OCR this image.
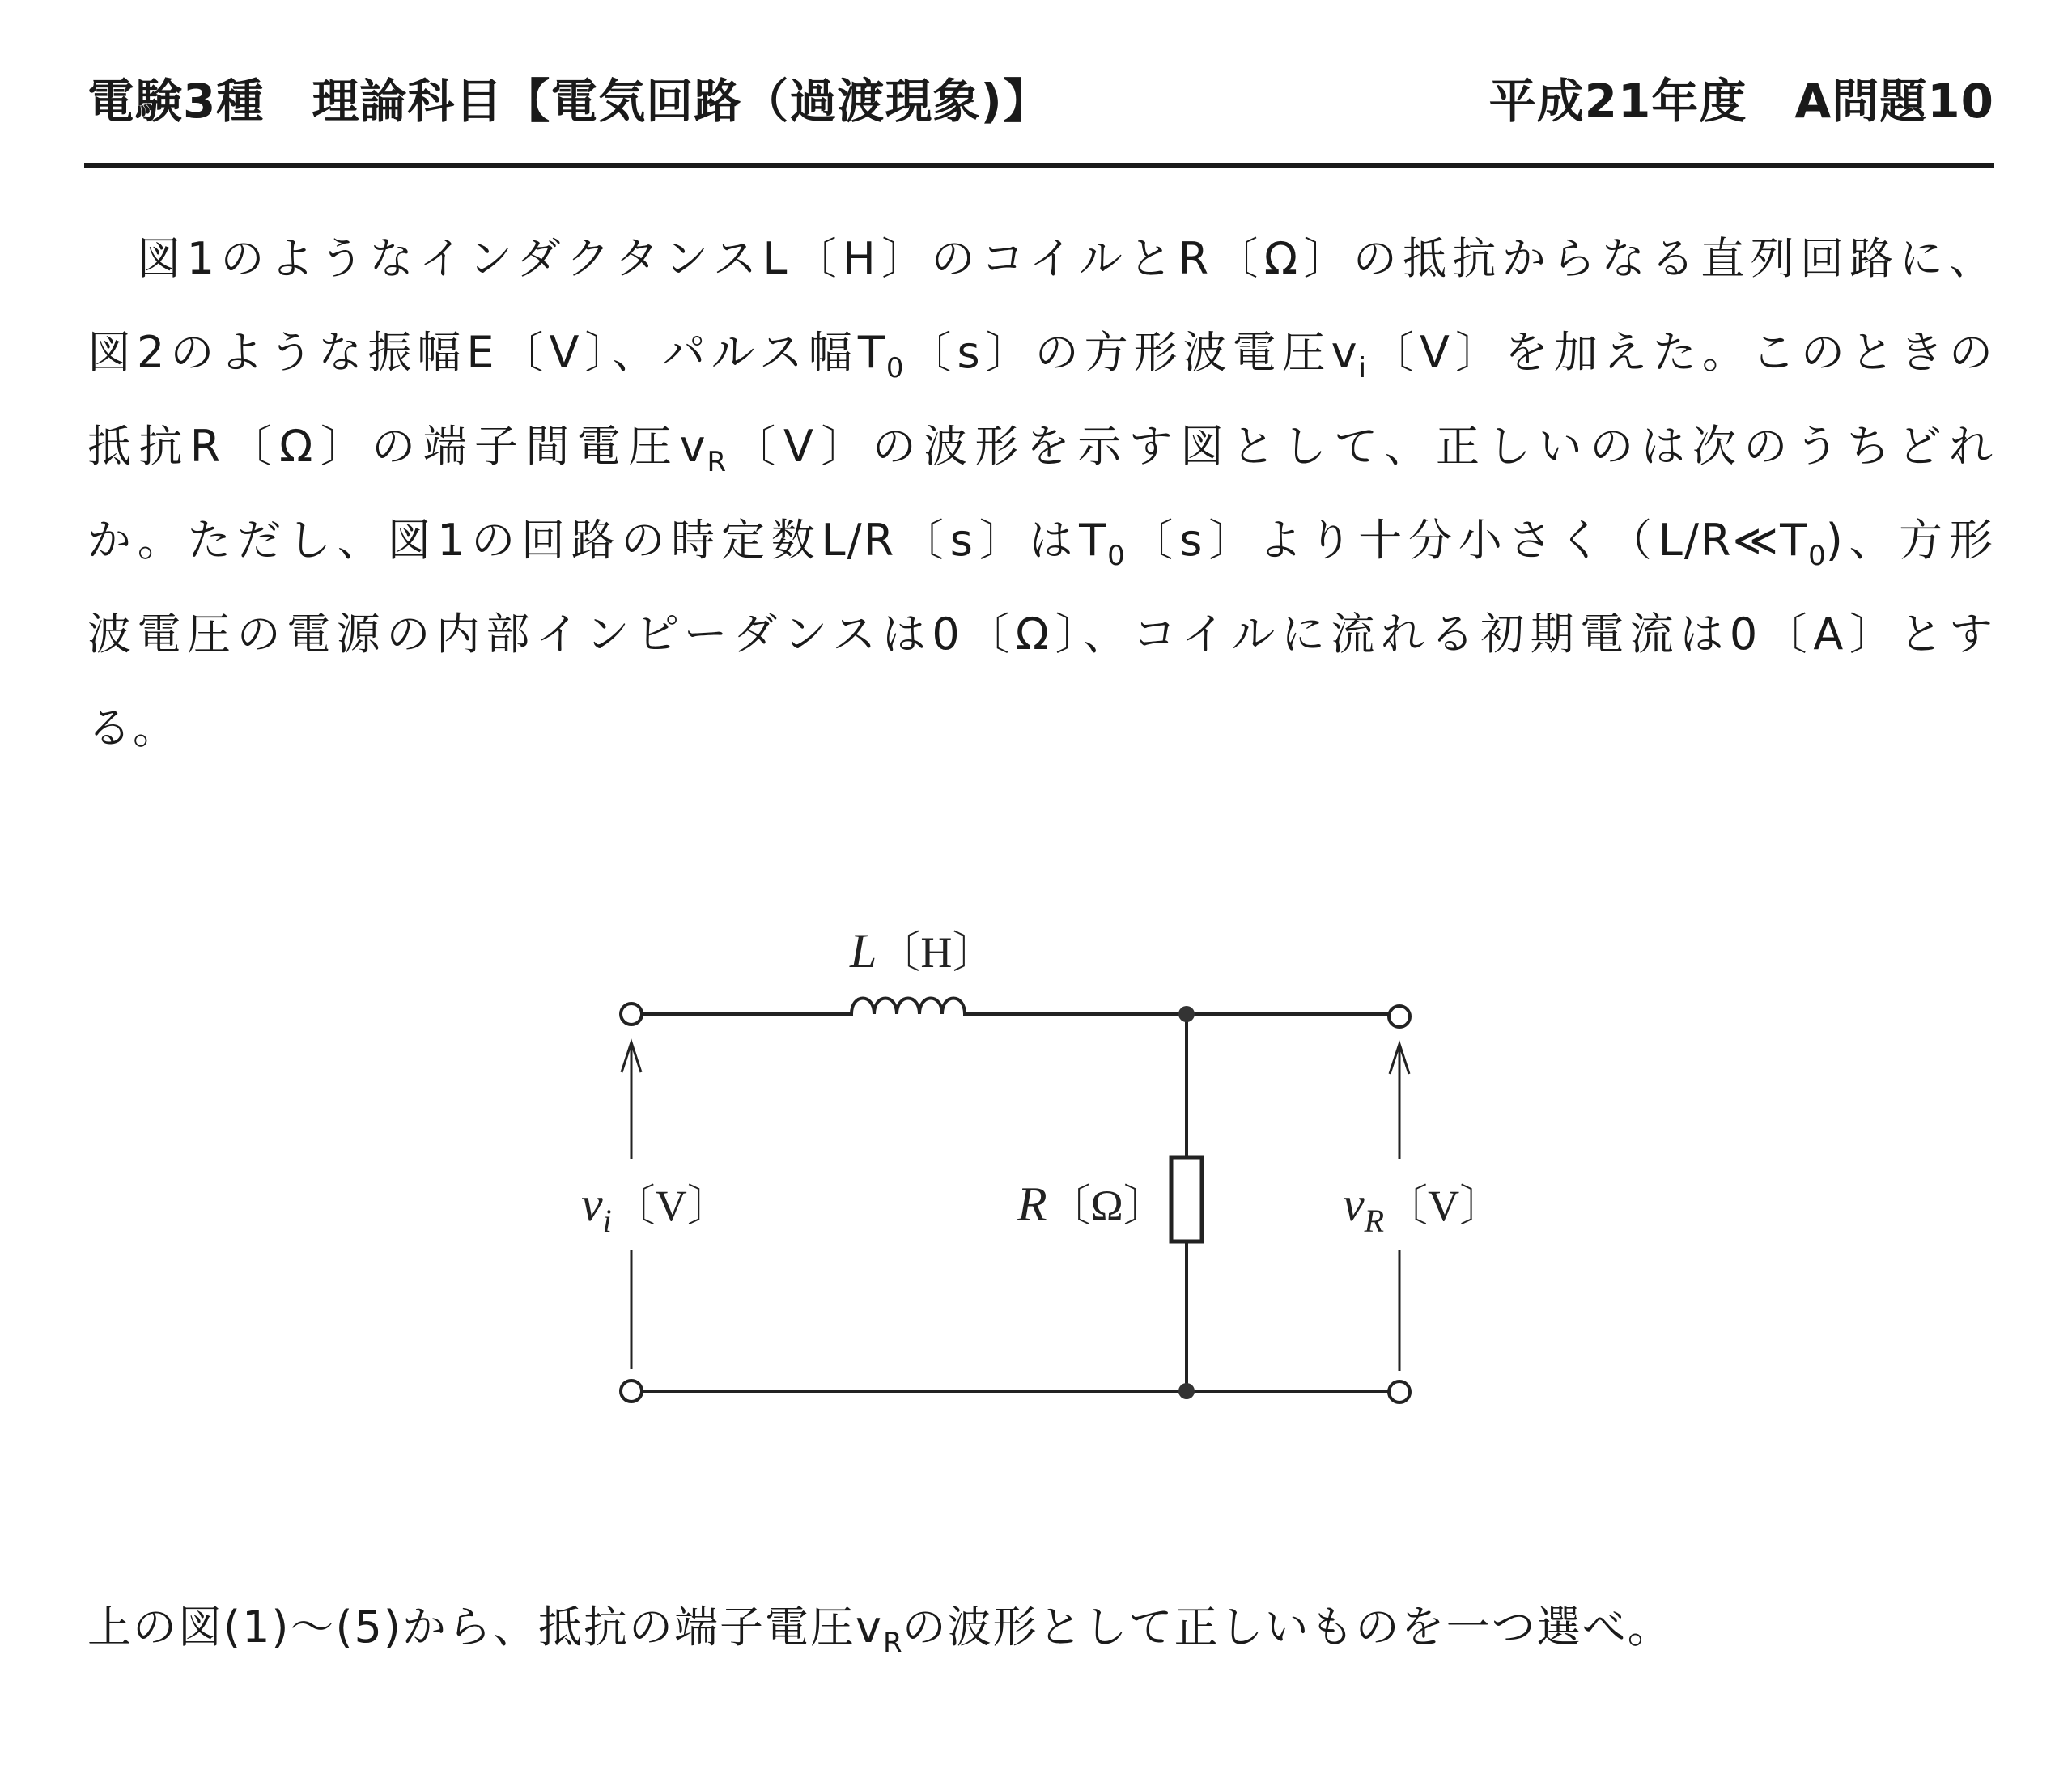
電験3種　理論科目【電気回路（過渡現象)】	平成21年度　A問題10
　図1のようなインダクタンスL〔H〕のコイルとR〔Ω〕の抵抗からなる直列回路に、
図2のような振幅E〔V〕、パルス幅$T_0$〔s〕の方形波電圧$v_i$〔V〕を加えた。このときの
抵抗R〔Ω〕の端子間電圧$v_R$〔V〕の波形を示す図として、正しいのは次のうちどれ
か。ただし、図1の回路の時定数L/R〔s〕は$T_0$〔s〕より十分小さく$(L/R≪T_0)$、方形
波電圧の電源の内部インピーダンスは0〔Ω〕、コイルに流れる初期電流は0〔A〕とす
る。
L〔H〕
R〔Ω〕
$v_i$〔V〕	$v_R$〔V〕
上の図(1)～(5)から、抵抗の端子電圧$v_R$の波形として正しいものを一つ選べ。
